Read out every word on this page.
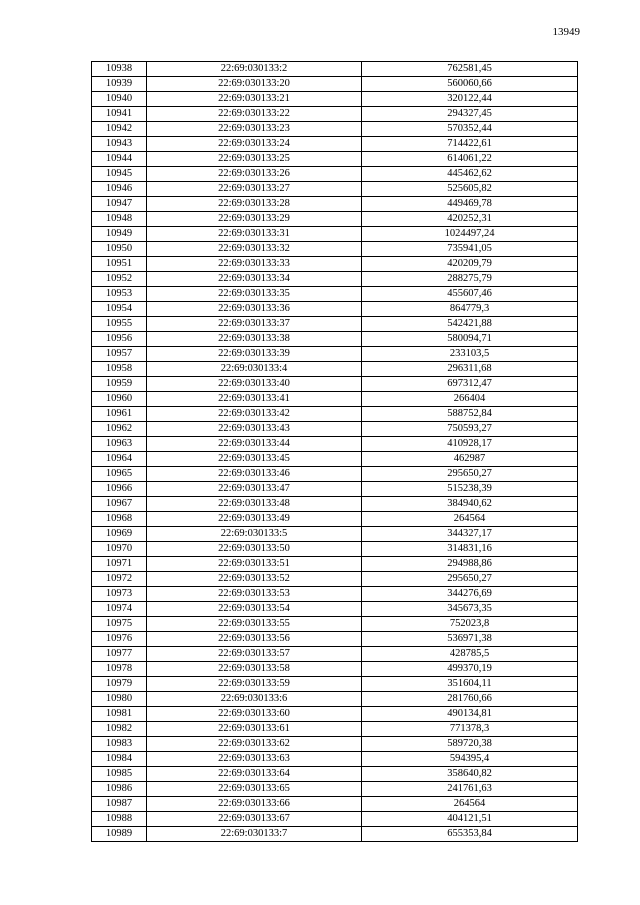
13949
10938	22:69:030133:2	762581,45
10939	22:69:030133:20	560060,66
10940	22:69:030133:21	320122,44
10941	22:69:030133:22	294327,45
10942	22:69:030133:23	570352,44
10943	22:69:030133:24	714422,61
10944	22:69:030133:25	614061,22
10945	22:69:030133:26	445462,62
10946	22:69:030133:27	525605,82
10947	22:69:030133:28	449469,78
10948	22:69:030133:29	420252,31
10949	22:69:030133:31	1024497,24
10950	22:69:030133:32	735941,05
10951	22:69:030133:33	420209,79
10952	22:69:030133:34	288275,79
10953	22:69:030133:35	455607,46
10954	22:69:030133:36	864779,3
10955	22:69:030133:37	542421,88
10956	22:69:030133:38	580094,71
10957	22:69:030133:39	233103,5
10958	22:69:030133:4	296311,68
10959	22:69:030133:40	697312,47
10960	22:69:030133:41	266404
10961	22:69:030133:42	588752,84
10962	22:69:030133:43	750593,27
10963	22:69:030133:44	410928,17
10964	22:69:030133:45	462987
10965	22:69:030133:46	295650,27
10966	22:69:030133:47	515238,39
10967	22:69:030133:48	384940,62
10968	22:69:030133:49	264564
10969	22:69:030133:5	344327,17
10970	22:69:030133:50	314831,16
10971	22:69:030133:51	294988,86
10972	22:69:030133:52	295650,27
10973	22:69:030133:53	344276,69
10974	22:69:030133:54	345673,35
10975	22:69:030133:55	752023,8
10976	22:69:030133:56	536971,38
10977	22:69:030133:57	428785,5
10978	22:69:030133:58	499370,19
10979	22:69:030133:59	351604,11
10980	22:69:030133:6	281760,66
10981	22:69:030133:60	490134,81
10982	22:69:030133:61	771378,3
10983	22:69:030133:62	589720,38
10984	22:69:030133:63	594395,4
10985	22:69:030133:64	358640,82
10986	22:69:030133:65	241761,63
10987	22:69:030133:66	264564
10988	22:69:030133:67	404121,51
10989	22:69:030133:7	655353,84
